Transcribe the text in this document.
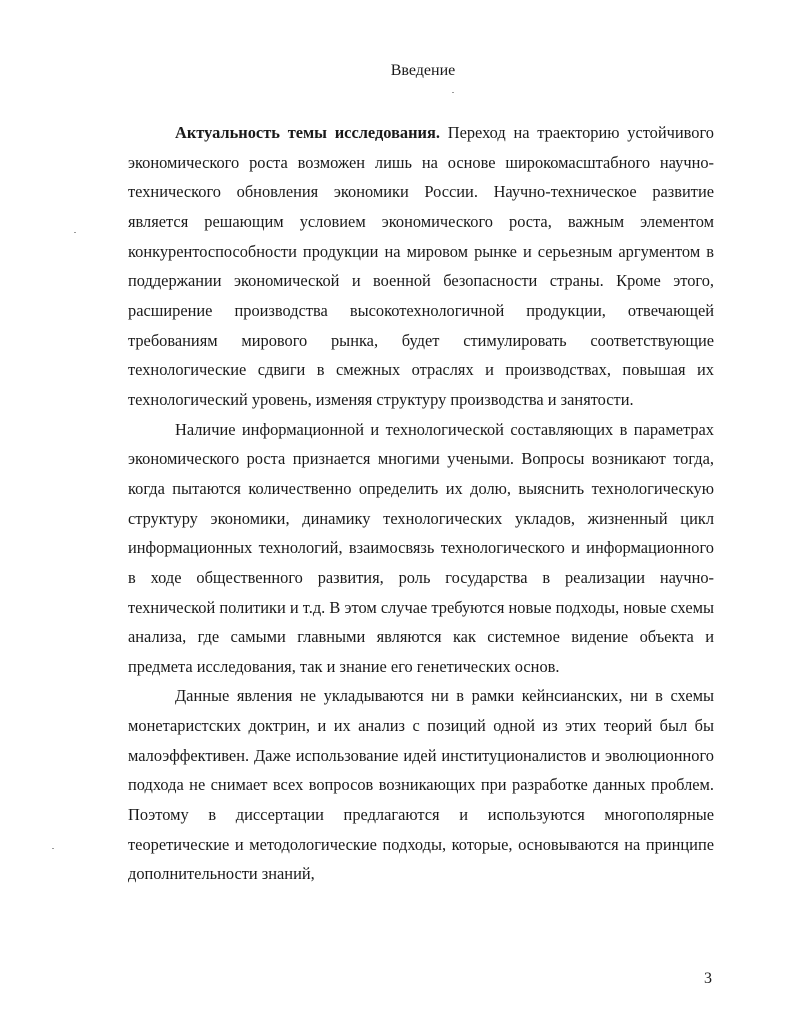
Введение

Актуальность темы исследования. Переход на траекторию устойчивого экономического роста возможен лишь на основе широкомасштабного научно-технического обновления экономики России. Научно-техническое развитие является решающим условием экономического роста, важным элементом конкурентоспособности продукции на мировом рынке и серьезным аргументом в поддержании экономической и военной безопасности страны. Кроме этого, расширение производства высокотехнологичной продукции, отвечающей требованиям мирового рынка, будет стимулировать соответствующие технологические сдвиги в смежных отраслях и производствах, повышая их технологический уровень, изменяя структуру производства и занятости.

Наличие информационной и технологической составляющих в параметрах экономического роста признается многими учеными. Вопросы возникают тогда, когда пытаются количественно определить их долю, выяснить технологическую структуру экономики, динамику технологических укладов, жизненный цикл информационных технологий, взаимосвязь технологического и информационного в ходе общественного развития, роль государства в реализации научно-технической политики и т.д. В этом случае требуются новые подходы, новые схемы анализа, где самыми главными являются как системное видение объекта и предмета исследования, так и знание его генетических основ.

Данные явления не укладываются ни в рамки кейнсианских, ни в схемы монетаристских доктрин, и их анализ с позиций одной из этих теорий был бы малоэффективен. Даже использование идей институционалистов и эволюционного подхода не снимает всех вопросов возникающих при разработке данных проблем. Поэтому в диссертации предлагаются и используются многополярные теоретические и методологические подходы, которые, основываются на принципе дополнительности знаний,

3
